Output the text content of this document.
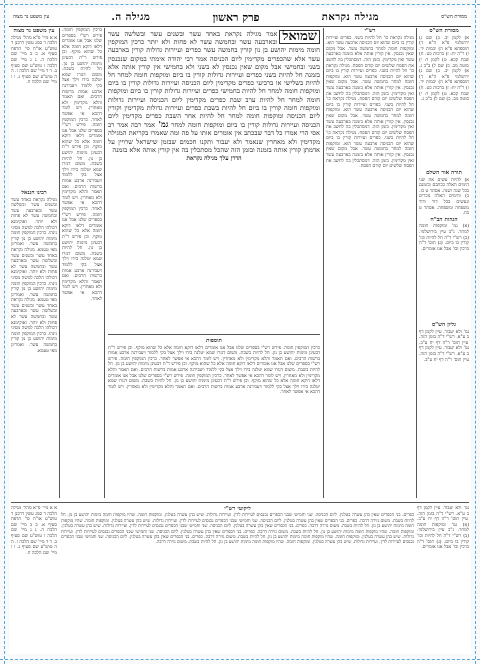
מסורת הש"ס
מגילה נקראת
פרק ראשון
מגילה ה.
עין משפט נר מצוה
מסורת הש"ס
א) לקמן יב. ב) שם ג) ירושלמי פ"א ה"א ד) תוספתא פ"א ה) יבמות יד. ו) ר"ה יח: ז) ברכות כט. ח) שבת קכא. ט) לקמן ד: י) סוטה מב. כ) שם ל) ב"ב ג. א) לקמן יב. ב) שם ג) ירושלמי פ"א ה"א ד) תוספתא פ"א ה) יבמות יד. ו) ר"ה יח: ז) ברכות כט. ח) שבת קכא. ט) לקמן ד: י) סוטה מב. כ) שם ל) ב"ב ג.
תורה אור השלם
א) להיות עשים את שני הימים האלה ככתבם וכזמנם בכל שנה ושנה. אסתר ט כז. ב) והימים האלה נזכרים ונעשים בכל דור ודור משפחה ומשפחה. אסתר ט כח.
הגהות הב"ח
(א) גמ' ומוקפות חומה למחר. נ"ב עיין בירושלמי. (ב) רש"י ד"ה חל להיות וכו' קורין בו ביום. (ג) תוס' ד"ה כרכין וכו' אבל אנו אומרים.
גליון הש"ס
גמ' ולא יעבור. עיין לקמן דף ב ע"א. רש"י ד"ה בזמן הזה. עיין תוס' ר"ה דף יח ע"ב. גמ' ולא יעבור. עיין לקמן דף ב ע"א. רש"י ד"ה בזמן הזה. עיין תוס' ר"ה דף יח ע"ב.
רש"י
מגילה נקראת כו' חל להיות בשני. כפרים ועיירות קורין בו ביום שהוא יום הכניסה ארבעה עשר הוא. ומוקפות חומה למחר בחמשה עשר. אבל מקום שאין נכנסין. אין קורין אותה אלא בזמנה בארבעה עשר ואין מקדימין. בזמן הזה. דמסתכלין בה לחשב את הפסח שלשים יום קודם הפסח. מגילה נקראת כו' חל להיות בשני. כפרים ועיירות קורין בו ביום שהוא יום הכניסה ארבעה עשר הוא. ומוקפות חומה למחר בחמשה עשר. אבל מקום שאין נכנסין. אין קורין אותה אלא בזמנה בארבעה עשר ואין מקדימין. בזמן הזה. דמסתכלין בה לחשב את הפסח שלשים יום קודם הפסח. מגילה נקראת כו' חל להיות בשני. כפרים ועיירות קורין בו ביום שהוא יום הכניסה ארבעה עשר הוא. ומוקפות חומה למחר בחמשה עשר. אבל מקום שאין נכנסין. אין קורין אותה אלא בזמנה בארבעה עשר ואין מקדימין. בזמן הזה. דמסתכלין בה לחשב את הפסח שלשים יום קודם הפסח. מגילה נקראת כו' חל להיות בשני. כפרים ועיירות קורין בו ביום שהוא יום הכניסה ארבעה עשר הוא. ומוקפות חומה למחר בחמשה עשר. אבל מקום שאין נכנסין. אין קורין אותה אלא בזמנה בארבעה עשר ואין מקדימין. בזמן הזה. דמסתכלין בה לחשב את הפסח שלשים יום קודם הפסח.
שמואל
אמר מגילה נקראת באחד עשר ובשנים עשר ובשלשה עשר ובארבעה עשר ובחמשה עשר לא פחות ולא יותר כרכין המוקפין חומה מימות יהושע בן נון קורין בחמשה עשר כפרים ועיירות גדולות קורין בארבעה עשר אלא שהכפרים מקדימין ליום הכניסה אמר רבי יהודה אימתי במקום שנכנסין בשני ובחמישי אבל מקום שאין נכנסין לא בשני ולא בחמישי אין קורין אותה אלא בזמנה חל להיות בשני כפרים ועיירות גדולות קורין בו ביום ומוקפות חומה למחר חל להיות בשלישי או ברביעי כפרים מקדימין ליום הכניסה ועיירות גדולות קורין בו ביום ומוקפות חומה למחר חל להיות בחמישי כפרים ועיירות גדולות קורין בו ביום ומוקפות חומה למחר חל להיות ערב שבת כפרים מקדימין ליום הכניסה ועיירות גדולות ומוקפות חומה קורין בו ביום חל להיות בשבת כפרים ועיירות גדולות מקדימין וקורין ליום הכניסה ומוקפות חומה למחר חל להיות אחר השבת כפרים מקדימין ליום הכניסה ועיירות גדולות קורין בו ביום ומוקפות חומה למחר גמ' אמר רבה אמר רב אסי הרי אמרו כל דבר שבכתב אין אומרים אותו על פה ומה שאמרו בקריאת המגילה מקדימין ולא מאחרין שנאמר ולא יעבור ותקנו חכמים שבזמן שישראל שרויין על אדמתן קורין אותה בזמנה ובזמן הזה שהכל מסתכלין בה אין קורין אותה אלא בזמנה
הדרן עלך מגילה נקראת
תוספות
כרכין המוקפין חומה. פירש רש"י בספרים שלנו אבל אנו אומרים דלאו דוקא חומה אלא כל שהוא מוקף. וכן פירש ר"ת דבעינן מימות יהושע בן נון. חל להיות בשבת. משום דגזרו שמא יטלנה בידו וילך אצל בקי ללמוד ויעבירנה ארבע אמות ברשות הרבים. ואם תאמר והלא מקדימין ולא מאחרין. ויש לומר דהכא אי אפשר לאחר. כרכין המוקפין חומה. פירש רש"י בספרים שלנו אבל אנו אומרים דלאו דוקא חומה אלא כל שהוא מוקף. וכן פירש ר"ת דבעינן מימות יהושע בן נון. חל להיות בשבת. משום דגזרו שמא יטלנה בידו וילך אצל בקי ללמוד ויעבירנה ארבע אמות ברשות הרבים. ואם תאמר והלא מקדימין ולא מאחרין. ויש לומר דהכא אי אפשר לאחר. כרכין המוקפין חומה. פירש רש"י בספרים שלנו אבל אנו אומרים דלאו דוקא חומה אלא כל שהוא מוקף. וכן פירש ר"ת דבעינן מימות יהושע בן נון. חל להיות בשבת. משום דגזרו שמא יטלנה בידו וילך אצל בקי ללמוד ויעבירנה ארבע אמות ברשות הרבים. ואם תאמר והלא מקדימין ולא מאחרין. ויש לומר דהכא אי אפשר לאחר.
כרכין המוקפין חומה. פירש רש"י בספרים שלנו אבל אנו אומרים דלאו דוקא חומה אלא כל שהוא מוקף. וכן פירש ר"ת דבעינן מימות יהושע בן נון. חל להיות בשבת. משום דגזרו שמא יטלנה בידו וילך אצל בקי ללמוד ויעבירנה ארבע אמות ברשות הרבים. ואם תאמר והלא מקדימין ולא מאחרין. ויש לומר דהכא אי אפשר לאחר. כרכין המוקפין חומה. פירש רש"י בספרים שלנו אבל אנו אומרים דלאו דוקא חומה אלא כל שהוא מוקף. וכן פירש ר"ת דבעינן מימות יהושע בן נון. חל להיות בשבת. משום דגזרו שמא יטלנה בידו וילך אצל בקי ללמוד ויעבירנה ארבע אמות ברשות הרבים. ואם תאמר והלא מקדימין ולא מאחרין. ויש לומר דהכא אי אפשר לאחר. כרכין המוקפין חומה. פירש רש"י בספרים שלנו אבל אנו אומרים דלאו דוקא חומה אלא כל שהוא מוקף. וכן פירש ר"ת דבעינן מימות יהושע בן נון. חל להיות בשבת. משום דגזרו שמא יטלנה בידו וילך אצל בקי ללמוד ויעבירנה ארבע אמות ברשות הרבים. ואם תאמר והלא מקדימין ולא מאחרין. ויש לומר דהכא אי אפשר לאחר.
עין משפט נר מצוה
א א מיי' פ"א מהל' מגילה הלכה ד סמג עשין דרבנן ד טוש"ע או"ח סי' תרפח סעיף א. ב ב מיי' שם הלכה ה. ג ג מיי' שם הלכה ו טוש"ע שם סעיף ב. ד ד מיי' שם הלכה ז. ה ה טוש"ע שם סעיף ג. ו ו מיי' שם הלכה ח.
רבינו חננאל
מגילה נקראת באחד עשר ובשנים עשר ובשלשה עשר ובארבעה עשר ובחמשה עשר לא פחות ולא יותר. ואוקימנא דכולהו הלכה למשה מסיני נינהו. כרכין המוקפין חומה מימות יהושע בן נון קורין בחמשה עשר. ואמרינן מאי טעמא. מגילה נקראת באחד עשר ובשנים עשר ובשלשה עשר ובארבעה עשר ובחמשה עשר לא פחות ולא יותר. ואוקימנא דכולהו הלכה למשה מסיני נינהו. כרכין המוקפין חומה מימות יהושע בן נון קורין בחמשה עשר. ואמרינן מאי טעמא. מגילה נקראת באחד עשר ובשנים עשר ובשלשה עשר ובארבעה עשר ובחמשה עשר לא פחות ולא יותר. ואוקימנא דכולהו הלכה למשה מסיני נינהו. כרכין המוקפין חומה מימות יהושע בן נון קורין בחמשה עשר. ואמרינן מאי טעמא.
ליקוטי רש"י
כפרים. בני הכפרים שאין בהן עשרה בטלנין. ליום הכניסה. שני וחמישי שבני הכפרים נכנסים לעיירות לדין. ועיירות גדולות. שיש בהן עשרה בטלנין. ומוקפות חומה. שהיו מוקפות חומה מימות יהושע בן נון. חל להיות בשבת. משום גזירה דרבה. כפרים. בני הכפרים שאין בהן עשרה בטלנין. ליום הכניסה. שני וחמישי שבני הכפרים נכנסים לעיירות לדין. ועיירות גדולות. שיש בהן עשרה בטלנין. ומוקפות חומה. שהיו מוקפות חומה מימות יהושע בן נון. חל להיות בשבת. משום גזירה דרבה. כפרים. בני הכפרים שאין בהן עשרה בטלנין. ליום הכניסה. שני וחמישי שבני הכפרים נכנסים לעיירות לדין. ועיירות גדולות. שיש בהן עשרה בטלנין. ומוקפות חומה. שהיו מוקפות חומה מימות יהושע בן נון. חל להיות בשבת. משום גזירה דרבה. כפרים. בני הכפרים שאין בהן עשרה בטלנין. ליום הכניסה. שני וחמישי שבני הכפרים נכנסים לעיירות לדין. ועיירות גדולות. שיש בהן עשרה בטלנין. ומוקפות חומה. שהיו מוקפות חומה מימות יהושע בן נון. חל להיות בשבת. משום גזירה דרבה. כפרים. בני הכפרים שאין בהן עשרה בטלנין. ליום הכניסה. שני וחמישי שבני הכפרים נכנסים לעיירות לדין. ועיירות גדולות. שיש בהן עשרה בטלנין. ומוקפות חומה. שהיו מוקפות חומה מימות יהושע בן נון. חל להיות בשבת. משום גזירה דרבה.
גמ' ולא יעבור. עיין לקמן דף ב ע"א. רש"י ד"ה בזמן הזה. עיין תוס' ר"ה דף יח ע"ב. (א) גמ' ומוקפות חומה למחר. נ"ב עיין בירושלמי. (ב) רש"י ד"ה חל להיות וכו' קורין בו ביום. (ג) תוס' ד"ה כרכין וכו' אבל אנו אומרים.
א א מיי' פ"א מהל' מגילה הלכה ד סמג עשין דרבנן ד טוש"ע או"ח סי' תרפח סעיף א. ב ב מיי' שם הלכה ה. ג ג מיי' שם הלכה ו טוש"ע שם סעיף ב. ד ד מיי' שם הלכה ז. ה ה טוש"ע שם סעיף ג. ו ו מיי' שם הלכה ח.
